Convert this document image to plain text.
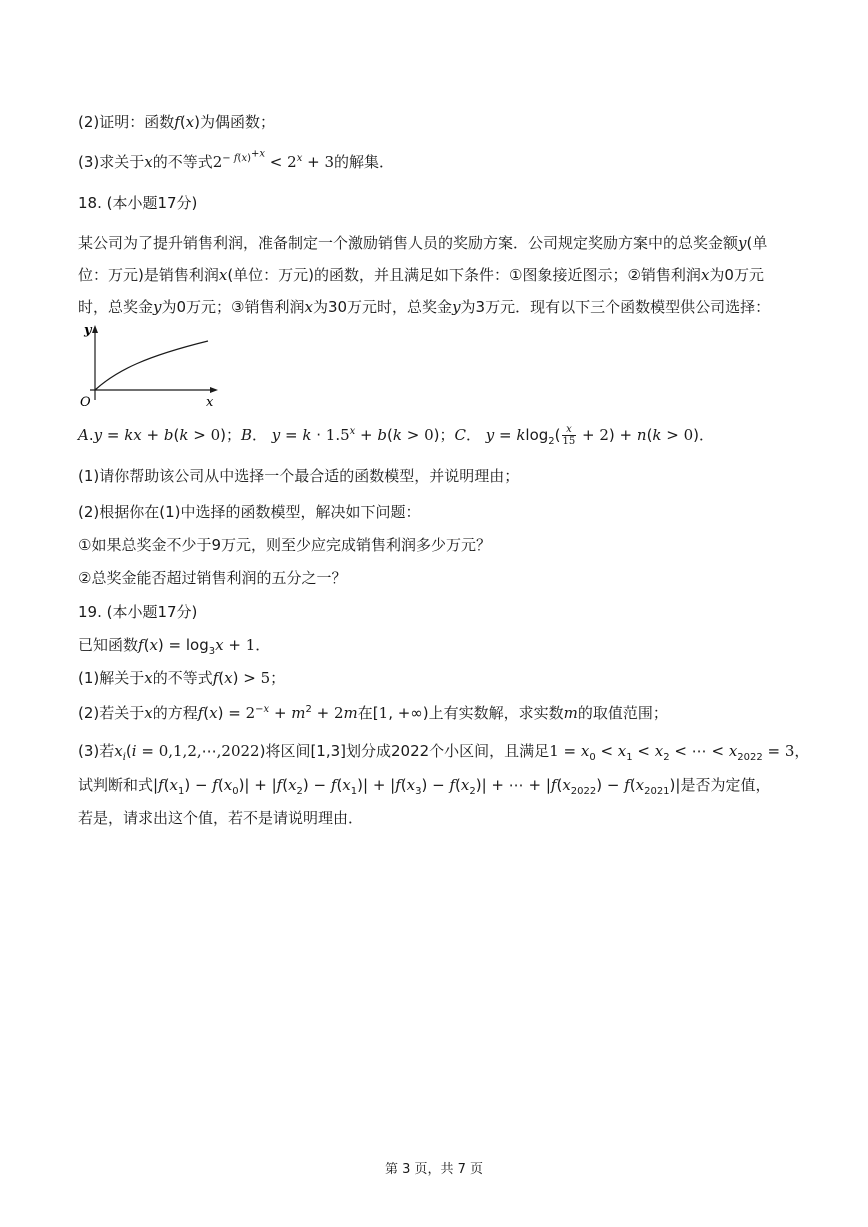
(2)证明：函数f(x)为偶函数；
(3)求关于x的不等式$2^{- f(x)^{+x}} < 2^x + 3$的解集．
18. (本小题17分)
某公司为了提升销售利润，准备制定一个激励销售人员的奖励方案．公司规定奖励方案中的总奖金额y(单
位：万元)是销售利润x(单位：万元)的函数，并且满足如下条件：①图象接近图示；②销售利润x为0万元
时，总奖金y为0万元；③销售利润x为30万元时，总奖金y为3万元．现有以下三个函数模型供公司选择：
y
x
O
A.y = kx + b(k > 0)；B． $y = k \cdot 1.5^x + b(k > 0)$；C． $y = klog_2( \frac{x}{15} + 2) + n(k > 0)$．
(1)请你帮助该公司从中选择一个最合适的函数模型，并说明理由；
(2)根据你在(1)中选择的函数模型，解决如下问题：
①如果总奖金不少于9万元，则至少应完成销售利润多少万元？
②总奖金能否超过销售利润的五分之一？
19. (本小题17分)
已知函数$f(x) = \log_3x + 1$．
(1)解关于x的不等式f(x) > 5；
(2)若关于x的方程$f(x) = 2^{-x} + m^2 + 2m$在[1, +∞)上有实数解，求实数m的取值范围；
(3)若$x_i(i$ = 0,1,2,⋯,2022)将区间[1,3]划分成2022个小区间，且满足$1 = x_0 < x_1 < x_2$ < ⋯ < $x_{2022} = 3$，
试判断和式$|f(x_1) - f(x_0)| + |f(x_2) - f(x_1)| + |f(x_3) - f(x_2)|$ + ⋯ + $|f(x_{2022}) - f(x_{2021})|$是否为定值，
若是，请求出这个值，若不是请说明理由．
第 3 页，共 7 页
